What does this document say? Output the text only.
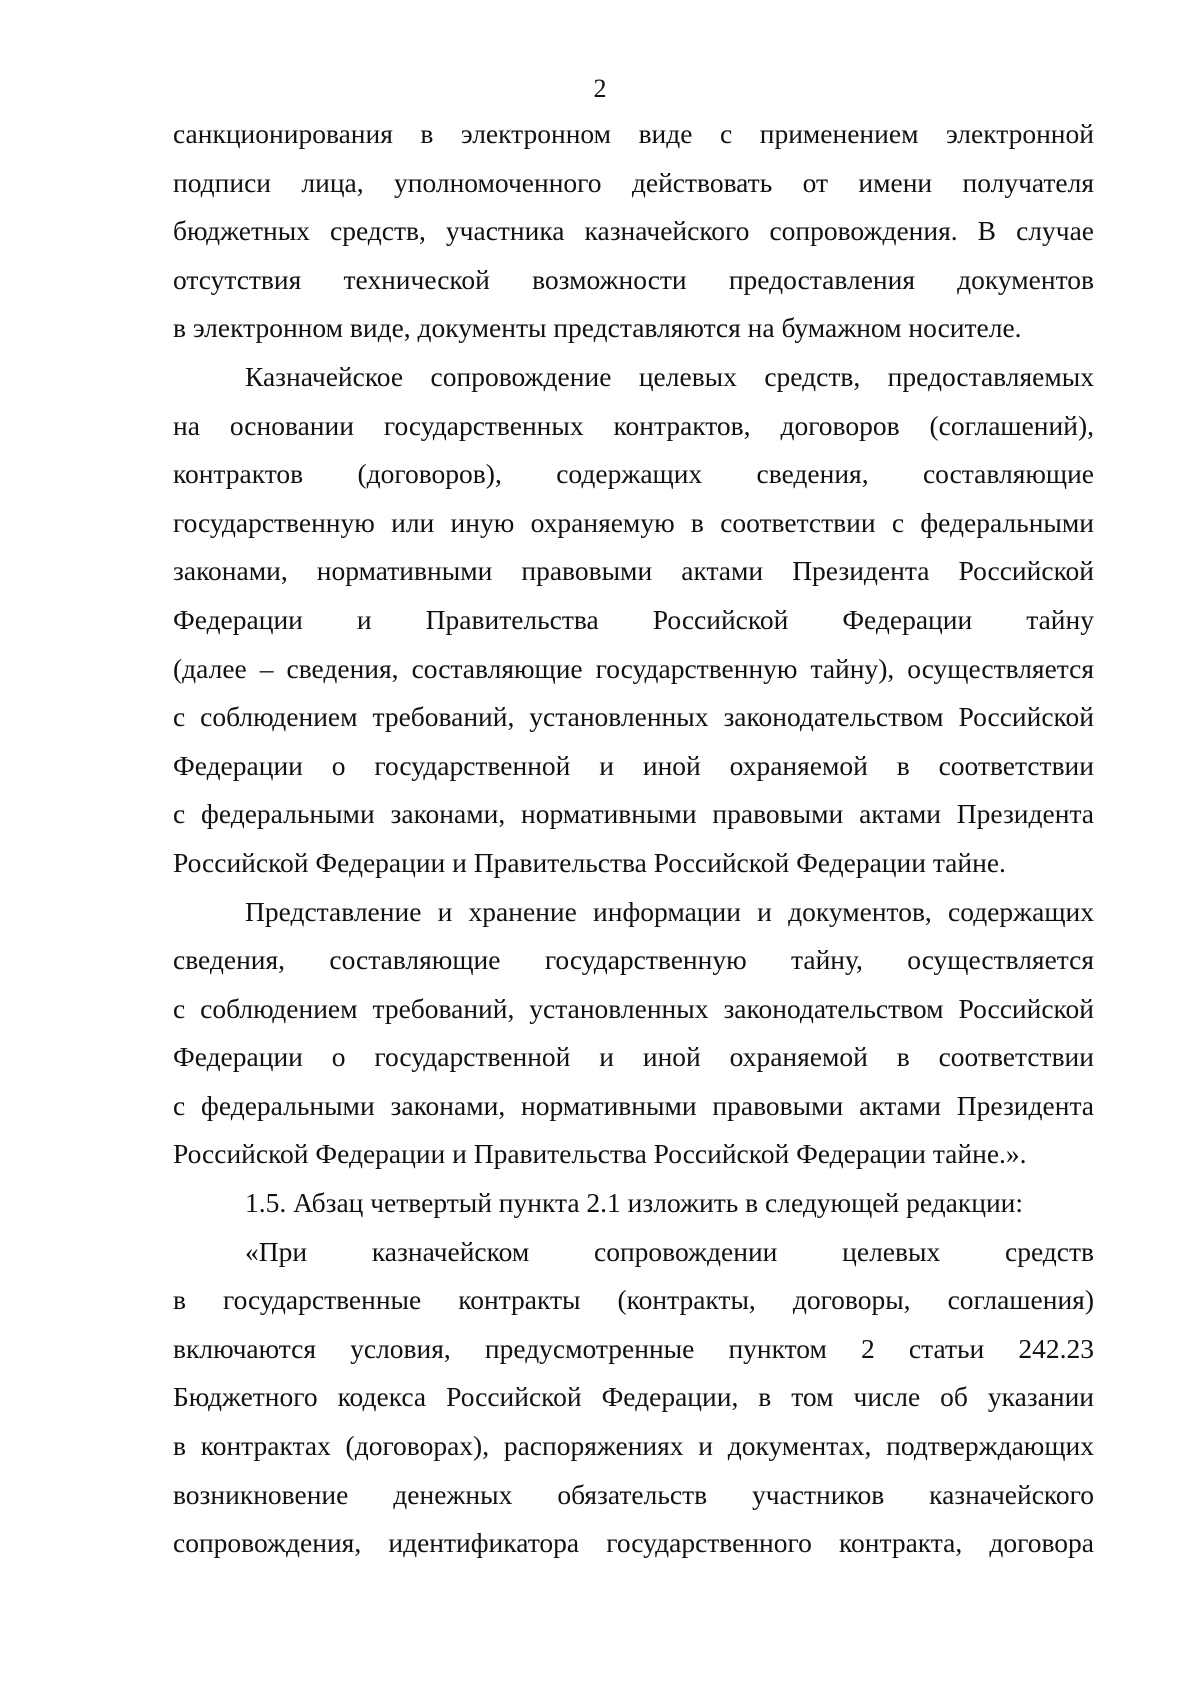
2
санкционирования в электронном виде с применением электронной
подписи лица, уполномоченного действовать от имени получателя
бюджетных средств, участника казначейского сопровождения. В случае
отсутствия технической возможности предоставления документов
в электронном виде, документы представляются на бумажном носителе.
Казначейское сопровождение целевых средств, предоставляемых
на основании государственных контрактов, договоров (соглашений),
контрактов (договоров), содержащих сведения, составляющие
государственную или иную охраняемую в соответствии с федеральными
законами, нормативными правовыми актами Президента Российской
Федерации и Правительства Российской Федерации тайну
(далее – сведения, составляющие государственную тайну), осуществляется
с соблюдением требований, установленных законодательством Российской
Федерации о государственной и иной охраняемой в соответствии
с федеральными законами, нормативными правовыми актами Президента
Российской Федерации и Правительства Российской Федерации тайне.
Представление и хранение информации и документов, содержащих
сведения, составляющие государственную тайну, осуществляется
с соблюдением требований, установленных законодательством Российской
Федерации о государственной и иной охраняемой в соответствии
с федеральными законами, нормативными правовыми актами Президента
Российской Федерации и Правительства Российской Федерации тайне.».
1.5. Абзац четвертый пункта 2.1 изложить в следующей редакции:
«При казначейском сопровождении целевых средств
в государственные контракты (контракты, договоры, соглашения)
включаются условия, предусмотренные пунктом 2 статьи 242.23
Бюджетного кодекса Российской Федерации, в том числе об указании
в контрактах (договорах), распоряжениях и документах, подтверждающих
возникновение денежных обязательств участников казначейского
сопровождения, идентификатора государственного контракта, договора
